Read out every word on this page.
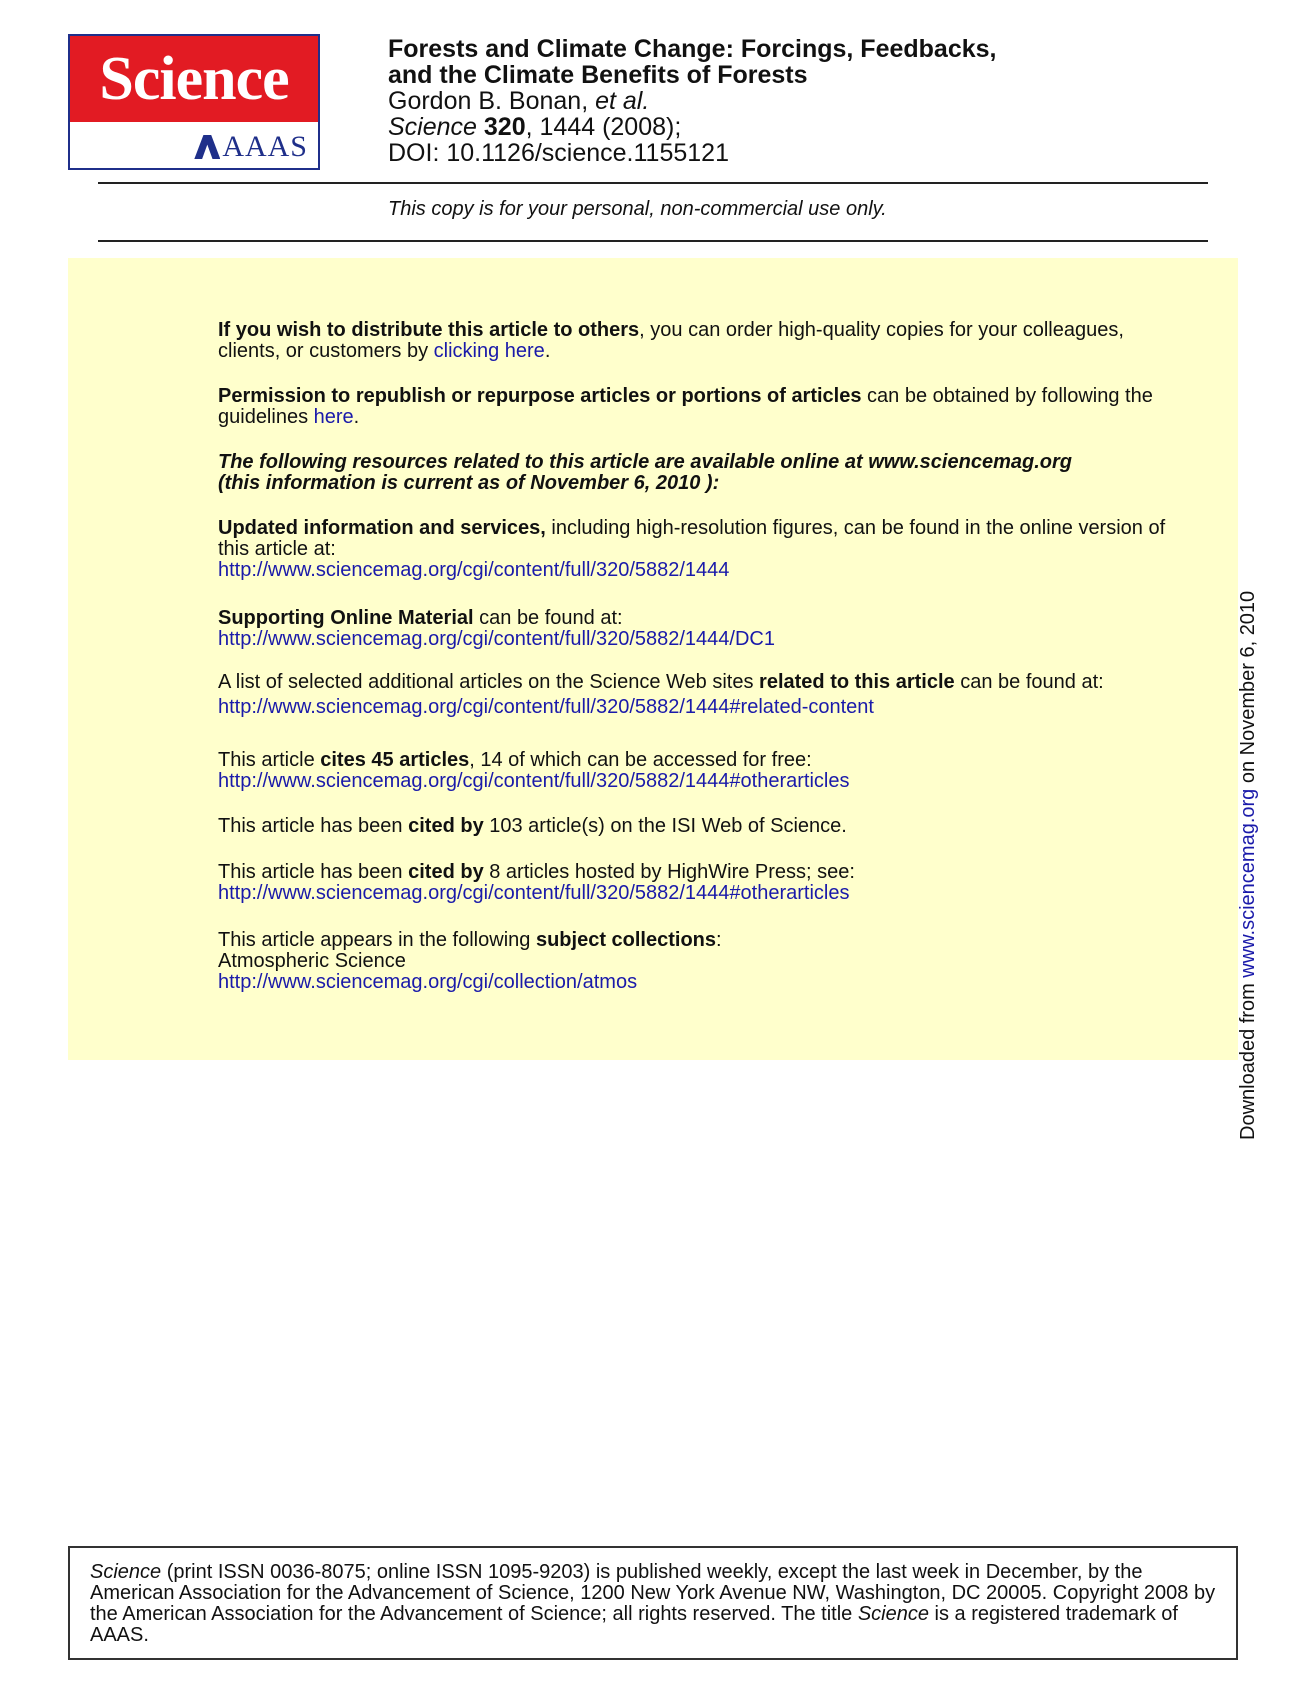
Science
AAAS
Forests and Climate Change: Forcings, Feedbacks,
and the Climate Benefits of Forests
Gordon B. Bonan, et al.
Science 320, 1444 (2008);
DOI: 10.1126/science.1155121
This copy is for your personal, non-commercial use only.
If you wish to distribute this article to others, you can order high-quality copies for your colleagues, clients, or customers by clicking here.
Permission to republish or repurpose articles or portions of articles can be obtained by following the guidelines here.
The following resources related to this article are available online at www.sciencemag.org
(this information is current as of November 6, 2010 ):
Updated information and services, including high-resolution figures, can be found in the online version of this article at:
http://www.sciencemag.org/cgi/content/full/320/5882/1444
Supporting Online Material can be found at:
http://www.sciencemag.org/cgi/content/full/320/5882/1444/DC1
A list of selected additional articles on the Science Web sites related to this article can be found at:
http://www.sciencemag.org/cgi/content/full/320/5882/1444#related-content
This article cites 45 articles, 14 of which can be accessed for free:
http://www.sciencemag.org/cgi/content/full/320/5882/1444#otherarticles
This article has been cited by 103 article(s) on the ISI Web of Science.
This article has been cited by 8 articles hosted by HighWire Press; see:
http://www.sciencemag.org/cgi/content/full/320/5882/1444#otherarticles
This article appears in the following subject collections:
Atmospheric Science
http://www.sciencemag.org/cgi/collection/atmos	Downloaded from www.sciencemag.org on November 6, 2010
Science (print ISSN 0036-8075; online ISSN 1095-9203) is published weekly, except the last week in December, by the American Association for the Advancement of Science, 1200 New York Avenue NW, Washington, DC 20005. Copyright 2008 by the American Association for the Advancement of Science; all rights reserved. The title Science is a registered trademark of AAAS.
